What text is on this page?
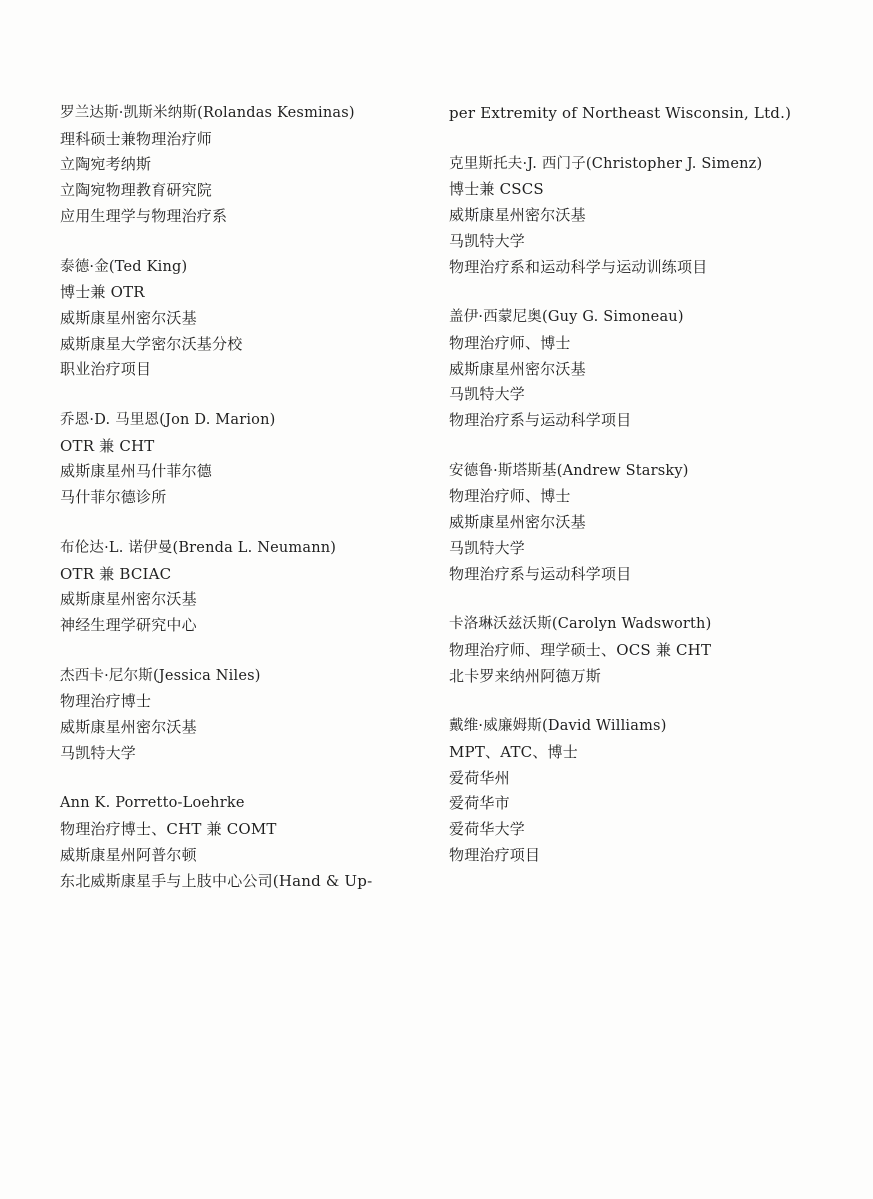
罗兰达斯·凯斯米纳斯(Rolandas Kesminas)
理科硕士兼物理治疗师
立陶宛考纳斯
立陶宛物理教育研究院
应用生理学与物理治疗系
泰德·金(Ted King)
博士兼 OTR
威斯康星州密尔沃基
威斯康星大学密尔沃基分校
职业治疗项目
乔恩·D. 马里恩(Jon D. Marion)
OTR 兼 CHT
威斯康星州马什菲尔德
马什菲尔德诊所
布伦达·L. 诺伊曼(Brenda L. Neumann)
OTR 兼 BCIAC
威斯康星州密尔沃基
神经生理学研究中心
杰西卡·尼尔斯(Jessica Niles)
物理治疗博士
威斯康星州密尔沃基
马凯特大学
Ann K. Porretto-Loehrke
物理治疗博士、CHT 兼 COMT
威斯康星州阿普尔顿
东北威斯康星手与上肢中心公司(Hand & Up-
per Extremity of Northeast Wisconsin, Ltd.)
克里斯托夫·J. 西门子(Christopher J. Simenz)
博士兼 CSCS
威斯康星州密尔沃基
马凯特大学
物理治疗系和运动科学与运动训练项目
盖伊·西蒙尼奥(Guy G. Simoneau)
物理治疗师、博士
威斯康星州密尔沃基
马凯特大学
物理治疗系与运动科学项目
安德鲁·斯塔斯基(Andrew Starsky)
物理治疗师、博士
威斯康星州密尔沃基
马凯特大学
物理治疗系与运动科学项目
卡洛琳沃兹沃斯(Carolyn Wadsworth)
物理治疗师、理学硕士、OCS 兼 CHT
北卡罗来纳州阿德万斯
戴维·威廉姆斯(David Williams)
MPT、ATC、博士
爱荷华州
爱荷华市
爱荷华大学
物理治疗项目
